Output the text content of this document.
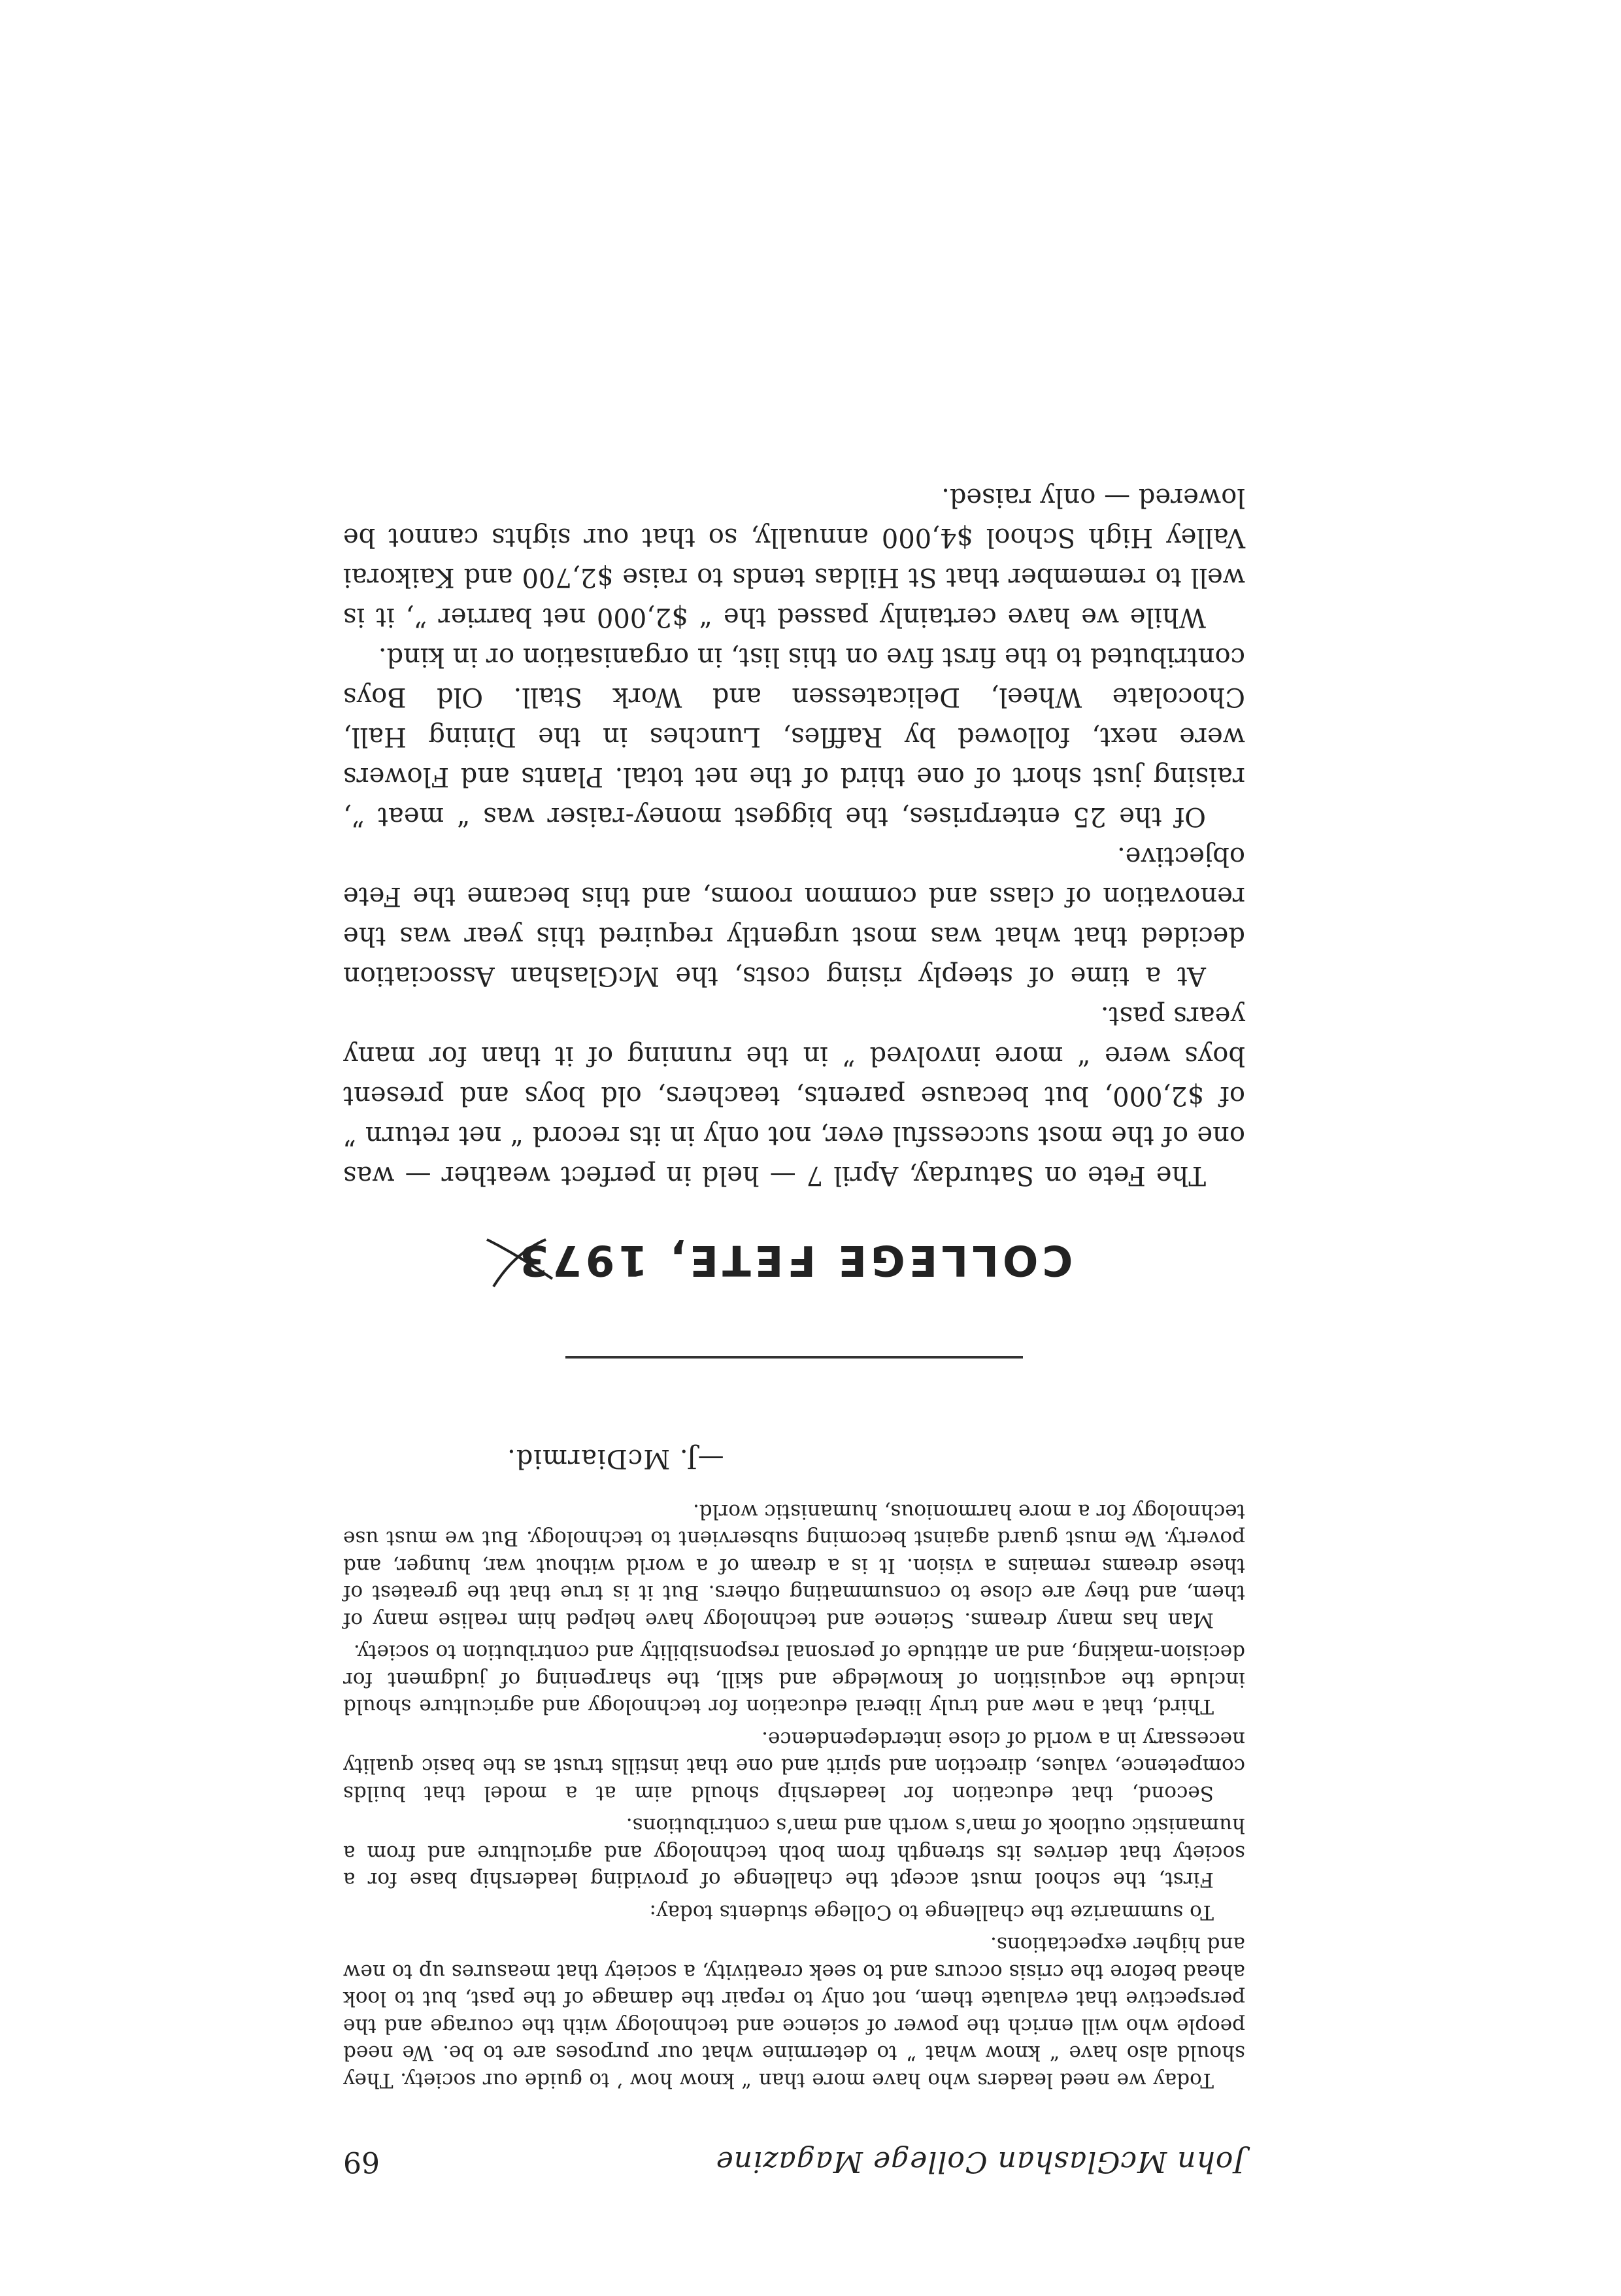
John McGlashan College Magazine
69

Today we need leaders who have more than “ know how ’ to guide our society. They should also have “ know what ” to determine what our purposes are to be. We need people who will enrich the power of science and technology with the courage and the perspective that evaluate them, not only to repair the damage of the past, but to look ahead before the crisis occurs and to seek creativity, a society that measures up to new and higher expectations.

To summarize the challenge to College students today:

First, the school must accept the challenge of providing leadership base for a society that derives its strength from both technology and agriculture and from a humanistic outlook of man’s worth and man’s contributions.

Second, that education for leadership should aim at a model that builds competence, values, direction and spirit and one that instills trust as the basic quality necessary in a world of close interdependence.

Third, that a new and truly liberal education for technology and agriculture should include the acquisition of knowledge and skill, the sharpening of judgment for decision-making, and an attitude of personal responsibility and contribution to society.

Man has many dreams. Science and technology have helped him realise many of them, and they are close to consummating others. But it is true that the greatest of these dreams remains a vision. It is a dream of a world without war, hunger, and poverty. We must guard against becoming subservient to technology. But we must use technology for a more harmonious, humanistic world.

—J. McDiarmid.
COLLEGE FETE, 1973

The Fete on Saturday, April 7 — held in perfect weather — was one of the most successful ever, not only in its record “ net return ” of $2,000, but because parents, teachers, old boys and present boys were “ more involved ” in the running of it than for many years past.

At a time of steeply rising costs, the McGlashan Association decided that what was most urgently required this year was the renovation of class and common rooms, and this became the Fete objective.

Of the 25 enterprises, the biggest money-raiser was “ meat ”, raising just short of one third of the net total. Plants and Flowers were next, followed by Raffles, Lunches in the Dining Hall, Chocolate Wheel, Delicatessen and Work Stall. Old Boys contributed to the first five on this list, in organisation or in kind.

While we have certainly passed the “ $2,000 net barrier ”, it is well to remember that St Hildas tends to raise $2,700 and Kaikorai Valley High School $4,000 annually, so that our sights cannot be lowered — only raised.
